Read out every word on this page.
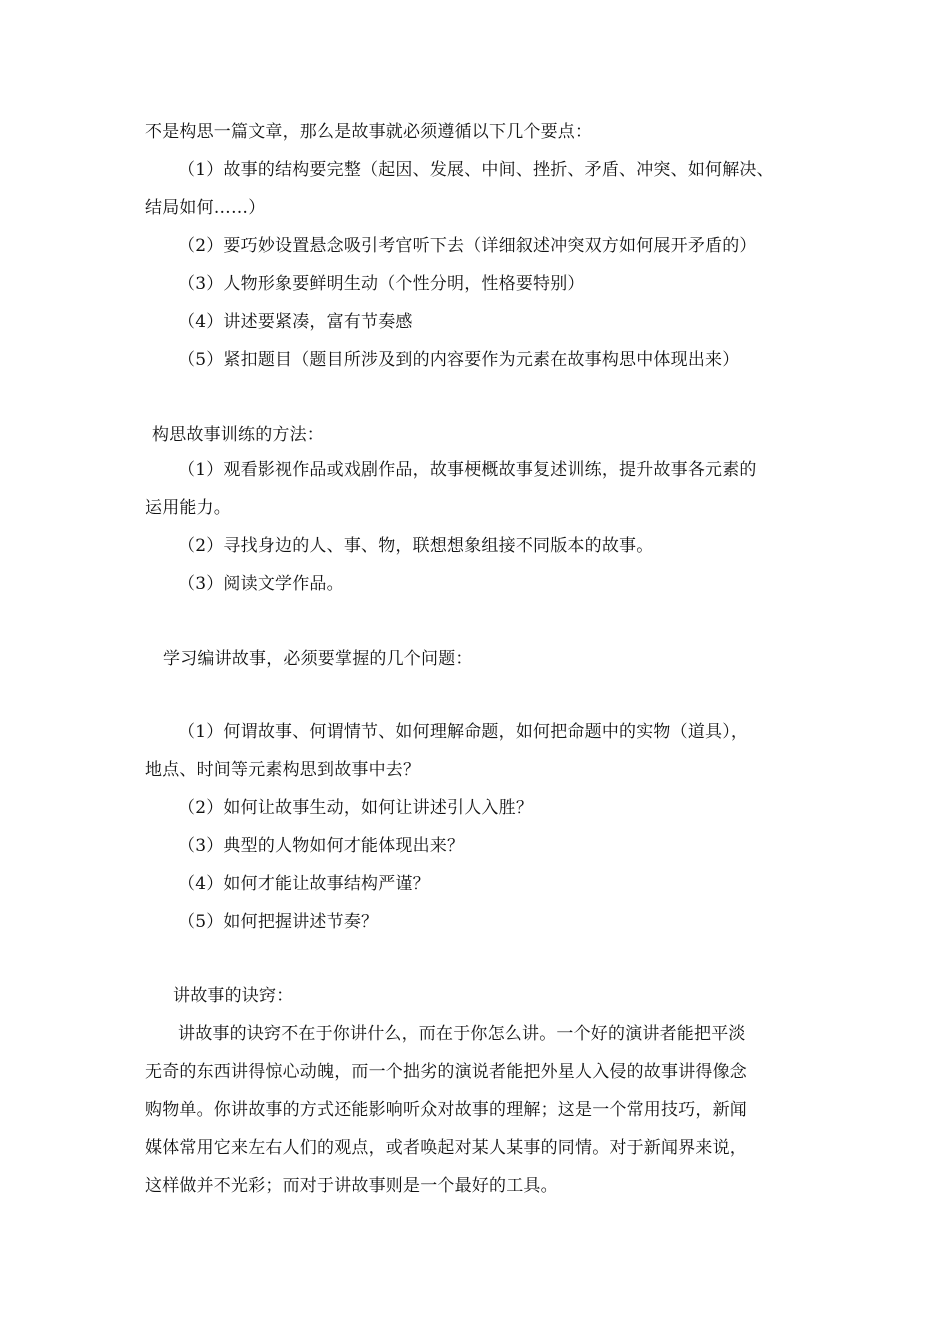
不是构思一篇文章，那么是故事就必须遵循以下几个要点：
（1）故事的结构要完整（起因、发展、中间、挫折、矛盾、冲突、如何解决、
结局如何……）
（2）要巧妙设置悬念吸引考官听下去（详细叙述冲突双方如何展开矛盾的）
（3）人物形象要鲜明生动（个性分明，性格要特别）
（4）讲述要紧凑，富有节奏感
（5）紧扣题目（题目所涉及到的内容要作为元素在故事构思中体现出来）
构思故事训练的方法：
（1）观看影视作品或戏剧作品，故事梗概故事复述训练，提升故事各元素的
运用能力。
（2）寻找身边的人、事、物，联想想象组接不同版本的故事。
（3）阅读文学作品。
学习编讲故事，必须要掌握的几个问题：
（1）何谓故事、何谓情节、如何理解命题，如何把命题中的实物（道具），
地点、时间等元素构思到故事中去？
（2）如何让故事生动，如何让讲述引人入胜？
（3）典型的人物如何才能体现出来？
（4）如何才能让故事结构严谨？
（5）如何把握讲述节奏？
讲故事的诀窍：
讲故事的诀窍不在于你讲什么，而在于你怎么讲。一个好的演讲者能把平淡
无奇的东西讲得惊心动魄，而一个拙劣的演说者能把外星人入侵的故事讲得像念
购物单。你讲故事的方式还能影响听众对故事的理解；这是一个常用技巧，新闻
媒体常用它来左右人们的观点，或者唤起对某人某事的同情。对于新闻界来说，
这样做并不光彩；而对于讲故事则是一个最好的工具。
